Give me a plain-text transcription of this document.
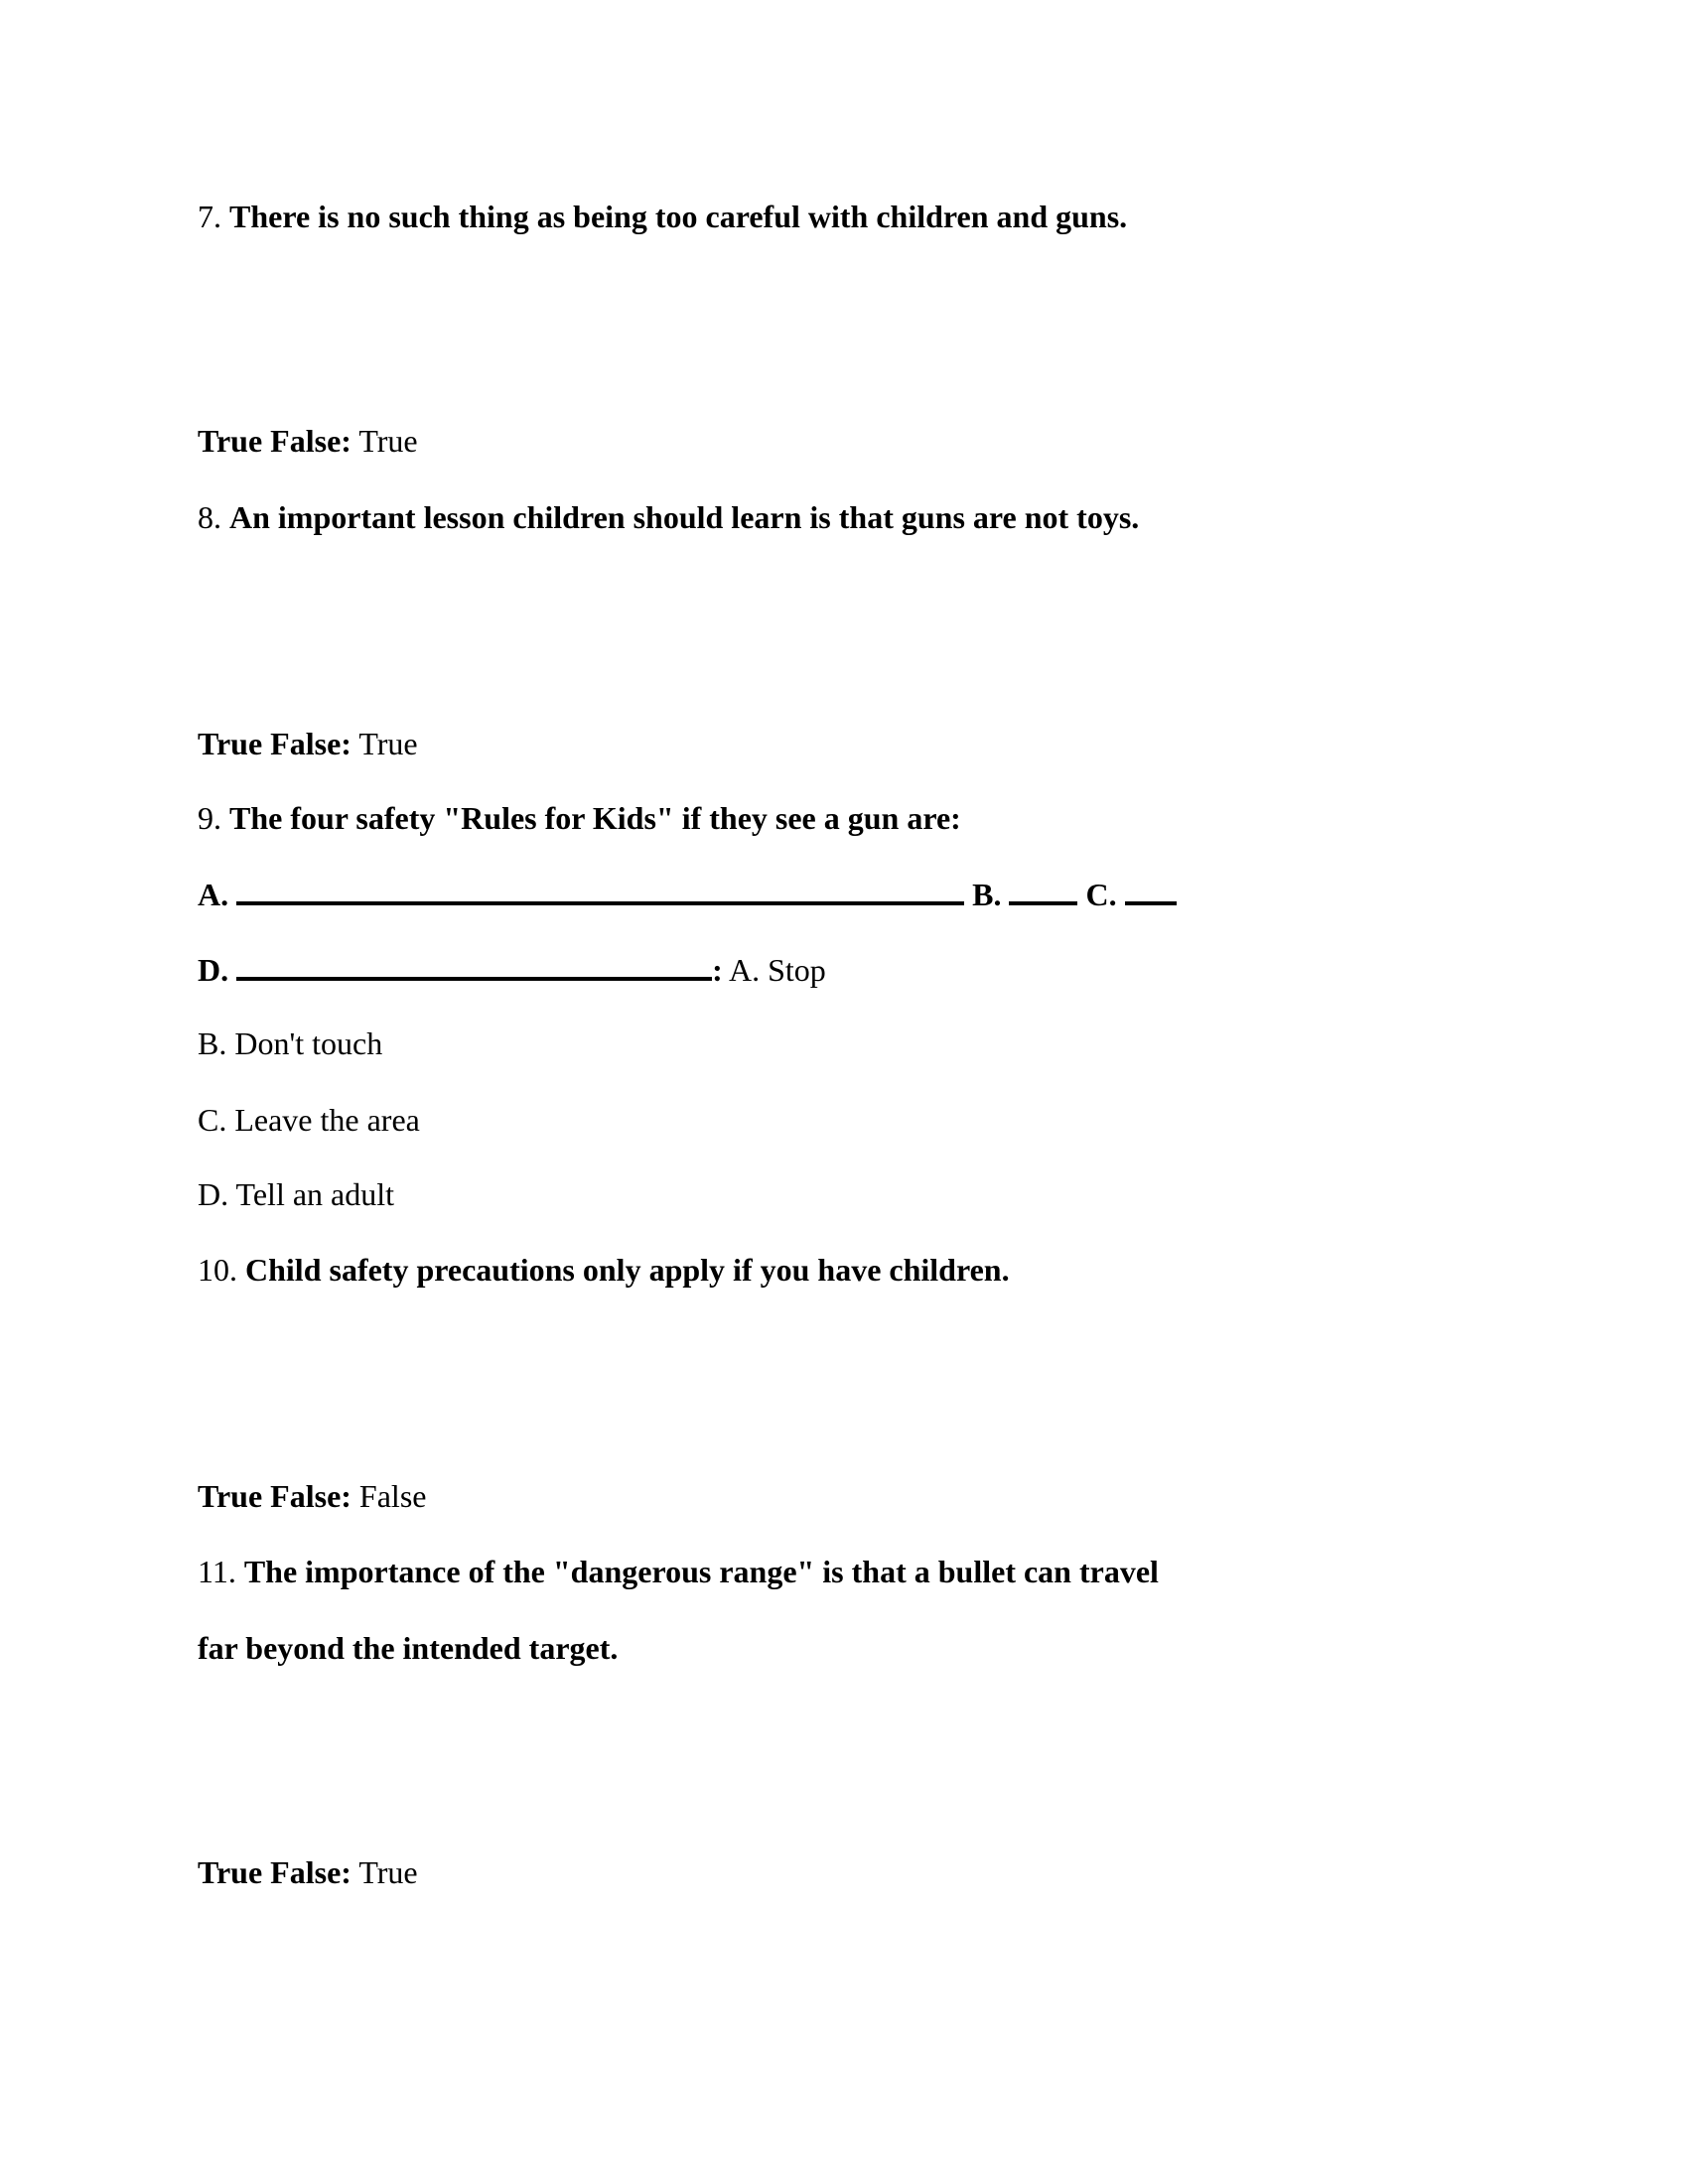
7. There is no such thing as being too careful with children and guns.
True False: True
8. An important lesson children should learn is that guns are not toys.
True False: True
9. The four safety "Rules for Kids" if they see a gun are:
A.	B.	C.
D.	: A. Stop
B. Don't touch
C. Leave the area
D. Tell an adult
10. Child safety precautions only apply if you have children.
True False: False
11. The importance of the "dangerous range" is that a bullet can travel
far beyond the intended target.
True False: True
